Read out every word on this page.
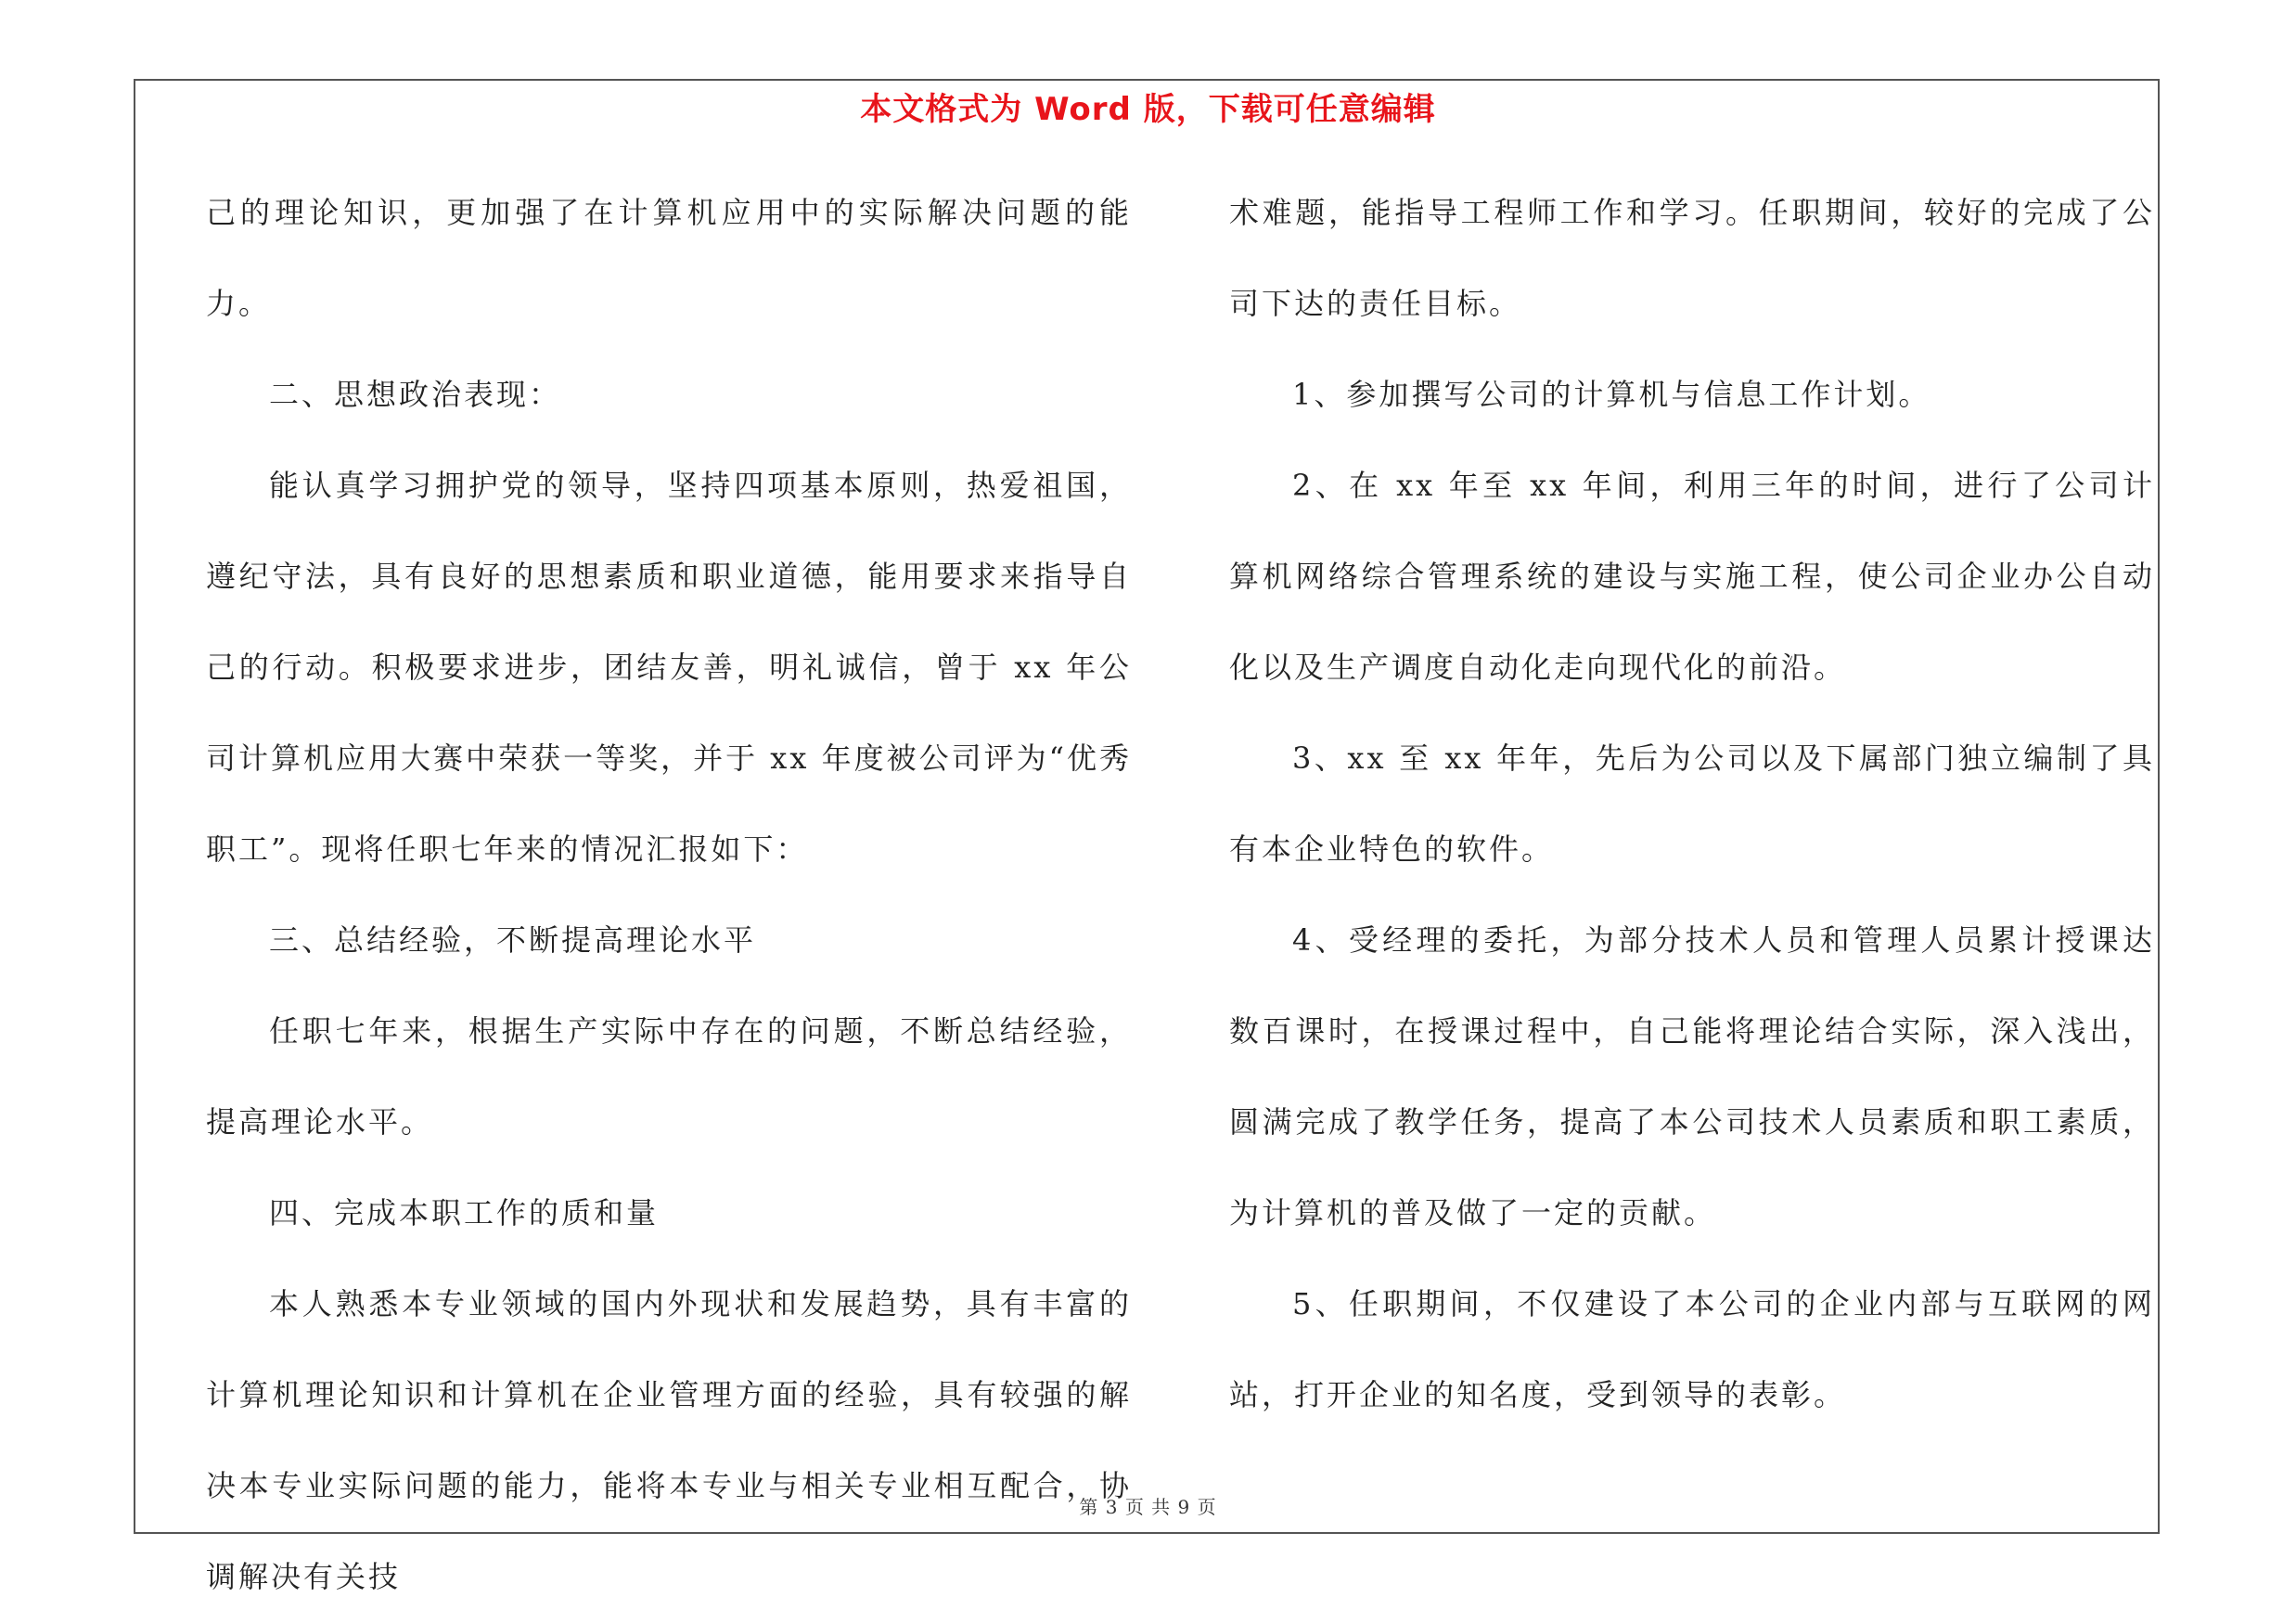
本文格式为 Word 版，下载可任意编辑

己的理论知识，更加强了在计算机应用中的实际解决问题的能力。

二、思想政治表现：

能认真学习拥护党的领导，坚持四项基本原则，热爱祖国，遵纪守法，具有良好的思想素质和职业道德，能用要求来指导自己的行动。积极要求进步，团结友善，明礼诚信，曾于 xx 年公司计算机应用大赛中荣获一等奖，并于 xx 年度被公司评为“优秀职工”。现将任职七年来的情况汇报如下：

三、总结经验，不断提高理论水平

任职七年来，根据生产实际中存在的问题，不断总结经验，提高理论水平。

四、完成本职工作的质和量

本人熟悉本专业领域的国内外现状和发展趋势，具有丰富的计算机理论知识和计算机在企业管理方面的经验，具有较强的解决本专业实际问题的能力，能将本专业与相关专业相互配合，协调解决有关技

术难题，能指导工程师工作和学习。任职期间，较好的完成了公司下达的责任目标。

1、参加撰写公司的计算机与信息工作计划。

2、在 xx 年至 xx 年间，利用三年的时间，进行了公司计算机网络综合管理系统的建设与实施工程，使公司企业办公自动化以及生产调度自动化走向现代化的前沿。

3、xx 至 xx 年年，先后为公司以及下属部门独立编制了具有本企业特色的软件。

4、受经理的委托，为部分技术人员和管理人员累计授课达数百课时，在授课过程中，自己能将理论结合实际，深入浅出，圆满完成了教学任务，提高了本公司技术人员素质和职工素质，为计算机的普及做了一定的贡献。

5、任职期间，不仅建设了本公司的企业内部与互联网的网站，打开企业的知名度，受到领导的表彰。

第 3 页 共 9 页
